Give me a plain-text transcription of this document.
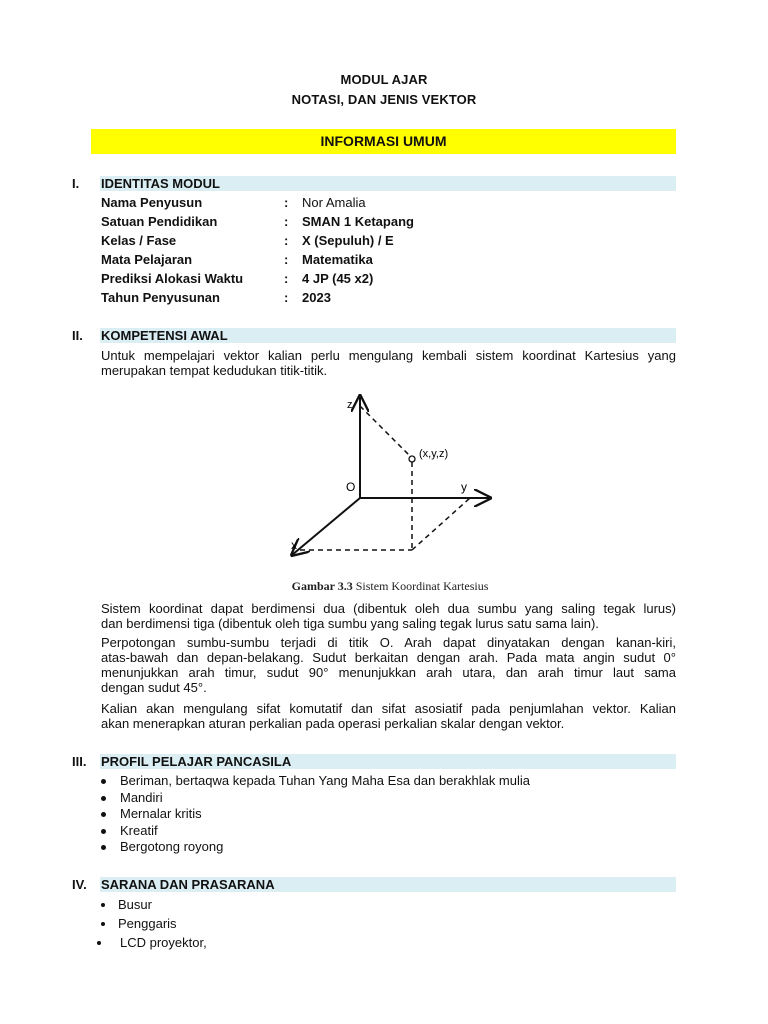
MODUL AJAR
NOTASI, DAN JENIS VEKTOR
INFORMASI UMUM
I. IDENTITAS MODUL
Nama Penyusun	: Nor Amalia
Satuan Pendidikan	: SMAN 1 Ketapang
Kelas / Fase	: X (Sepuluh) / E
Mata Pelajaran	: Matematika
Prediksi Alokasi Waktu	: 4 JP (45 x2)
Tahun Penyusunan	: 2023
II. KOMPETENSI AWAL
Untuk mempelajari vektor kalian perlu mengulang kembali sistem koordinat Kartesius yang
merupakan tempat kedudukan titik-titik.
z
y
x
O
(x,y,z)
Gambar 3.3 Sistem Koordinat Kartesius
Sistem koordinat dapat berdimensi dua (dibentuk oleh dua sumbu yang saling tegak lurus)
dan berdimensi tiga (dibentuk oleh tiga sumbu yang saling tegak lurus satu sama lain).
Perpotongan sumbu-sumbu terjadi di titik O. Arah dapat dinyatakan dengan kanan-kiri,
atas-bawah dan depan-belakang. Sudut berkaitan dengan arah. Pada mata angin sudut 0°
menunjukkan arah timur, sudut 90° menunjukkan arah utara, dan arah timur laut sama
dengan sudut 45°.
Kalian akan mengulang sifat komutatif dan sifat asosiatif pada penjumlahan vektor. Kalian
akan menerapkan aturan perkalian pada operasi perkalian skalar dengan vektor.
III. PROFIL PELAJAR PANCASILA
Beriman, bertaqwa kepada Tuhan Yang Maha Esa dan berakhlak mulia
Mandiri
Mernalar kritis
Kreatif
Bergotong royong
IV. SARANA DAN PRASARANA
Busur
Penggaris
LCD proyektor,
